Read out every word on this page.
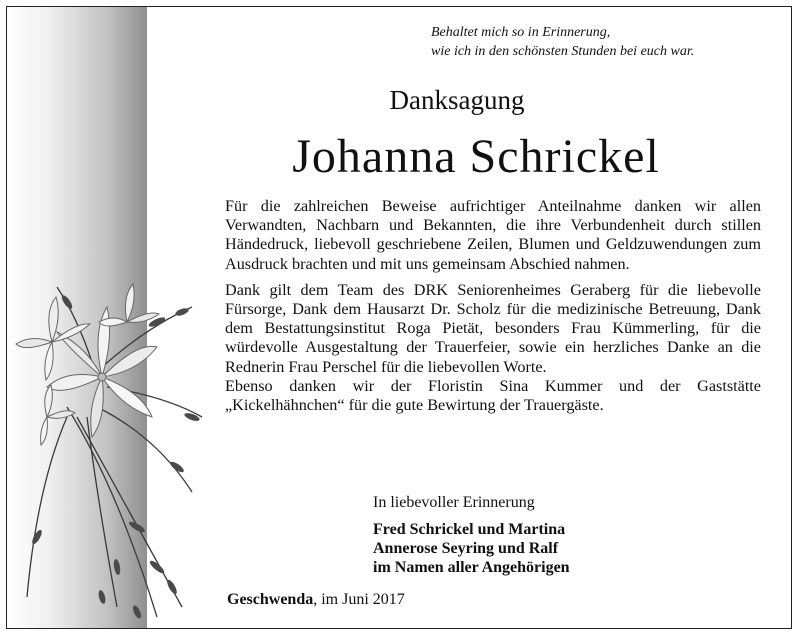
Behaltet mich so in Erinnerung,
wie ich in den schönsten Stunden bei euch war.
Danksagung
Johanna Schrickel

Für die zahlreichen Beweise aufrichtiger Anteilnahme danken wir allen Verwandten, Nachbarn und Bekannten, die ihre Verbundenheit durch stillen Händedruck, liebevoll geschriebene Zeilen, Blumen und Geldzuwendungen zum Ausdruck brachten und mit uns gemeinsam Abschied nahmen.

Dank gilt dem Team des DRK Seniorenheimes Geraberg für die liebevolle Fürsorge, Dank dem Hausarzt Dr. Scholz für die medizinische Betreuung, Dank dem Bestattungsinstitut Roga Pietät, besonders Frau Kümmerling, für die würdevolle Ausgestaltung der Trauerfeier, sowie ein herzliches Danke an die Rednerin Frau Perschel für die liebevollen Worte.

Ebenso danken wir der Floristin Sina Kummer und der Gaststätte „Kickelhähnchen“ für die gute Bewirtung der Trauergäste.

In liebevoller Erinnerung
Fred Schrickel und Martina
Annerose Seyring und Ralf
im Namen aller Angehörigen
Geschwenda, im Juni 2017
